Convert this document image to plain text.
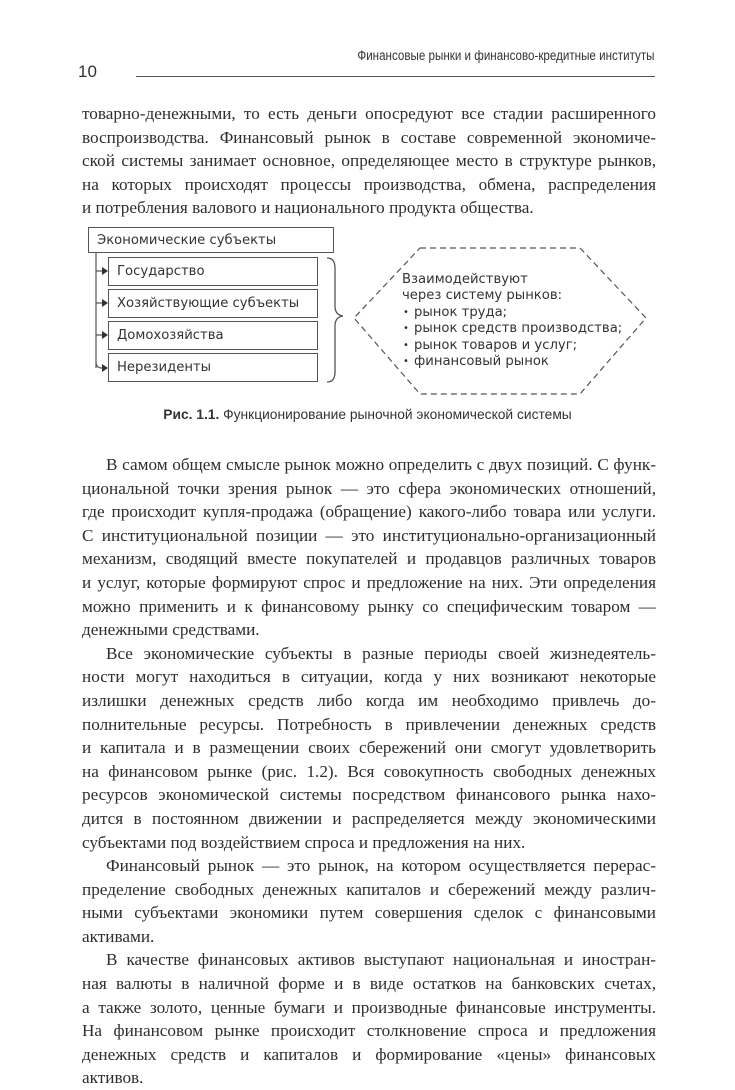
10
Финансовые рынки и финансово-кредитные институты

товарно-денежными, то есть деньги опосредуют все стадии расширенного
воспроизводства. Финансовый рынок в составе современной экономиче-
ской системы занимает основное, определяющее место в структуре рынков,
на которых происходят процессы производства, обмена, распределения
и потребления валового и национального продукта общества.

Экономические субъекты
Государство
Хозяйствующие субъекты
Домохозяйства
Нерезиденты
Взаимодействуют
через систему рынков:
• рынок труда;
• рынок средств производства;
• рынок товаров и услуг;
• финансовый рынок
Рис. 1.1. Функционирование рыночной экономической системы

В самом общем смысле рынок можно определить с двух позиций. С функ-
циональной точки зрения рынок — это сфера экономических отношений,
где происходит купля-продажа (обращение) какого-либо товара или услуги.
С институциональной позиции — это институционально-организационный
механизм, сводящий вместе покупателей и продавцов различных товаров
и услуг, которые формируют спрос и предложение на них. Эти определения
можно применить и к финансовому рынку со специфическим товаром —
денежными средствами.

Все экономические субъекты в разные периоды своей жизнедеятель-
ности могут находиться в ситуации, когда у них возникают некоторые
излишки денежных средств либо когда им необходимо привлечь до-
полнительные ресурсы. Потребность в привлечении денежных средств
и капитала и в размещении своих сбережений они смогут удовлетворить
на финансовом рынке (рис. 1.2). Вся совокупность свободных денежных
ресурсов экономической системы посредством финансового рынка нахо-
дится в постоянном движении и распределяется между экономическими
субъектами под воздействием спроса и предложения на них.

Финансовый рынок — это рынок, на котором осуществляется перерас-
пределение свободных денежных капиталов и сбережений между различ-
ными субъектами экономики путем совершения сделок с финансовыми
активами.

В качестве финансовых активов выступают национальная и иностран-
ная валюты в наличной форме и в виде остатков на банковских счетах,
а также золото, ценные бумаги и производные финансовые инструменты.
На финансовом рынке происходит столкновение спроса и предложения
денежных средств и капиталов и формирование «цены» финансовых
активов.
